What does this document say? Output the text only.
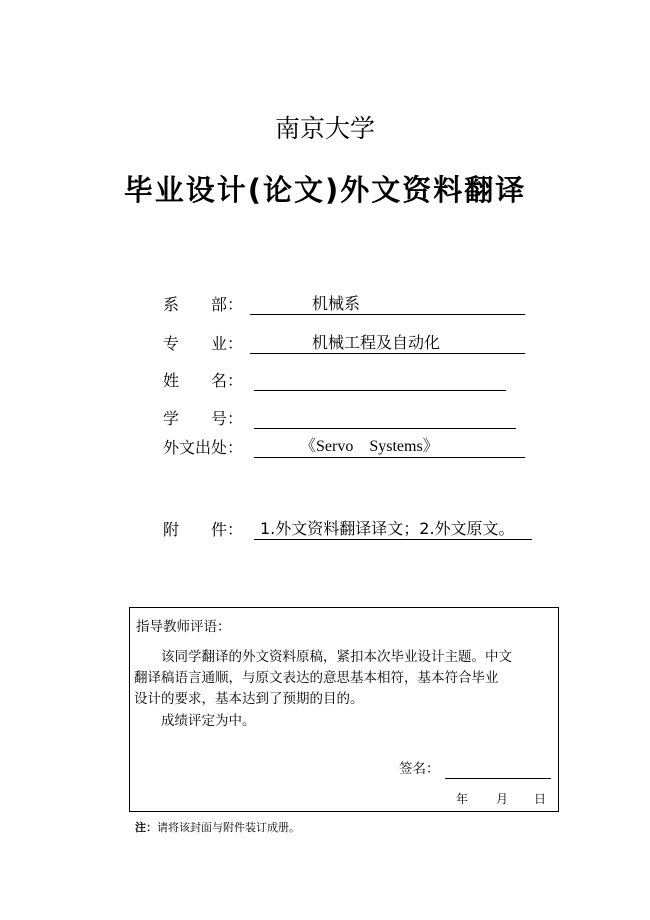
南京大学
毕业设计(论文)外文资料翻译
系　　部：	机械系
专　　业：	机械工程及自动化
姓　　名：
学　　号：
外文出处：	《Servo　Systems》
附　　件：	1.外文资料翻译译文；2.外文原文。
指导教师评语：
该同学翻译的外文资料原稿，紧扣本次毕业设计主题。中文
翻译稿语言通顺，与原文表达的意思基本相符，基本符合毕业
设计的要求，基本达到了预期的目的。
成绩评定为中。
签名：
年 月 日
注：请将该封面与附件装订成册。
